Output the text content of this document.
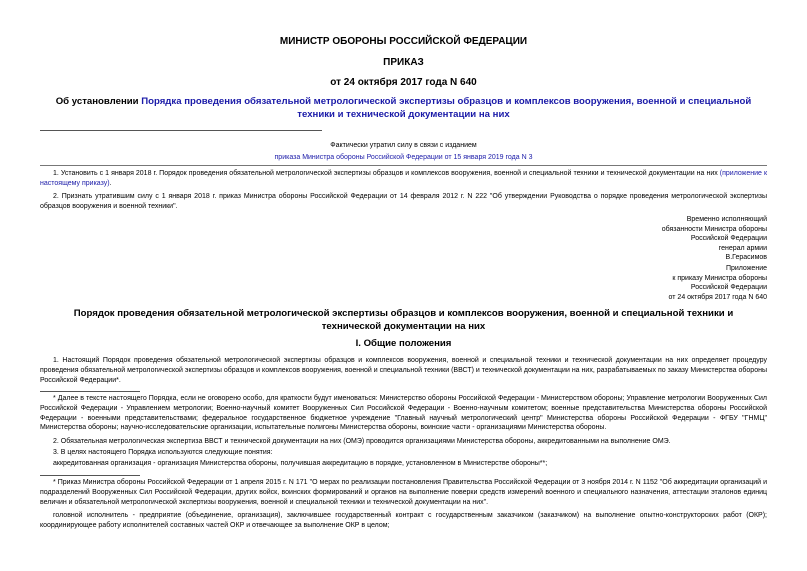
МИНИСТР ОБОРОНЫ РОССИЙСКОЙ ФЕДЕРАЦИИ
ПРИКАЗ
от 24 октября 2017 года N 640
Об установлении Порядка проведения обязательной метрологической экспертизы образцов и комплексов вооружения, военной и специальной техники и технической документации на них
Фактически утратил силу в связи с изданием
приказа Министра обороны Российской Федерации от 15 января 2019 года N 3
1. Установить с 1 января 2018 г. Порядок проведения обязательной метрологической экспертизы образцов и комплексов вооружения, военной и специальной техники и технической документации на них (приложение к настоящему приказу).
2. Признать утратившим силу с 1 января 2018 г. приказ Министра обороны Российской Федерации от 14 февраля 2012 г. N 222 "Об утверждении Руководства о порядке проведения метрологической экспертизы образцов вооружения и военной техники".
Временно исполняющий
обязанности Министра обороны
Российской Федерации
генерал армии
В.Герасимов
Приложение
к приказу Министра обороны
Российской Федерации
от 24 октября 2017 года N 640
Порядок проведения обязательной метрологической экспертизы образцов и комплексов вооружения, военной и специальной техники и технической документации на них
I. Общие положения
1. Настоящий Порядок проведения обязательной метрологической экспертизы образцов и комплексов вооружения, военной и специальной техники и технической документации на них определяет процедуру проведения обязательной метрологической экспертизы образцов и комплексов вооружения, военной и специальной техники (ВВСТ) и технической документации на них, разрабатываемых по заказу Министерства обороны Российской Федерации*.
* Далее в тексте настоящего Порядка, если не оговорено особо, для краткости будут именоваться: Министерство обороны Российской Федерации - Министерством обороны; Управление метрологии Вооруженных Сил Российской Федерации - Управлением метрологии; Военно-научный комитет Вооруженных Сил Российской Федерации - Военно-научным комитетом; военные представительства Министерства обороны Российской Федерации - военными представительствами; федеральное государственное бюджетное учреждение "Главный научный метрологический центр" Министерства обороны Российской Федерации - ФГБУ "ГНМЦ" Министерства обороны; научно-исследовательские организации, испытательные полигоны Министерства обороны, воинские части - организациями Министерства обороны.
2. Обязательная метрологическая экспертиза ВВСТ и технической документации на них (ОМЭ) проводится организациями Министерства обороны, аккредитованными на выполнение ОМЭ.
3. В целях настоящего Порядка используются следующие понятия:
аккредитованная организация - организация Министерства обороны, получившая аккредитацию в порядке, установленном в Министерстве обороны**;
* Приказ Министра обороны Российской Федерации от 1 апреля 2015 г. N 171 "О мерах по реализации постановления Правительства Российской Федерации от 3 ноября 2014 г. N 1152 "Об аккредитации организаций и подразделений Вооруженных Сил Российской Федерации, других войск, воинских формирований и органов на выполнение поверки средств измерений военного и специального назначения, аттестации эталонов единиц величин и обязательной метрологической экспертизы вооружения, военной и специальной техники и технической документации на них".
головной исполнитель - предприятие (объединение, организация), заключившее государственный контракт с государственным заказчиком (заказчиком) на выполнение опытно-конструкторских работ (ОКР); координирующее работу исполнителей составных частей ОКР и отвечающее за выполнение ОКР в целом;
